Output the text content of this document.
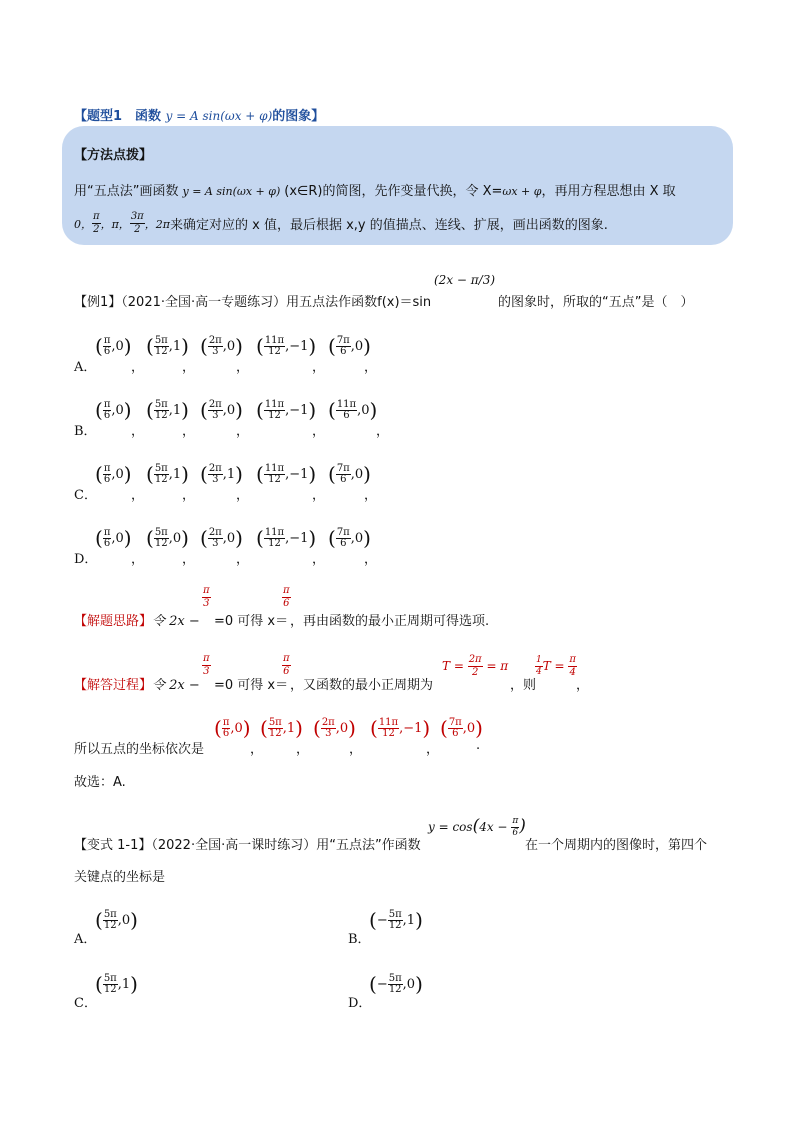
【题型1　函数 y = A sin(ωx + φ)的图象】
【方法点拨】
用“五点法”画函数 y = A sin(ωx + φ) (x∈R)的简图，先作变量代换，令 X=ωx + φ，再用方程思想由 X 取
0， $\frac{\pi}{2}$ ，π， $\frac{3\pi}{2}$ ，2π 来确定对应的 x 值，最后根据 x,y 的值描点、连线、扩展，画出函数的图象.
【例1】（2021·全国·高一专题练习）用五点法作函数f(x)＝sin
(2x − π/3)
的图象时，所取的“五点”是（　）
A．
( $\frac{\pi}{6} ,0$ )
，
( $\frac{5\pi}{12} ,1$ )
，
( $\frac{2\pi}{3} ,0$ )
，
( $\frac{11\pi}{12} ,-1$ )
，
( $\frac{7\pi}{6} ,0$ )
，
B．
( $\frac{\pi}{6} ,0$ )
，
( $\frac{5\pi}{12} ,1$ )
，
( $\frac{2\pi}{3} ,0$ )
，
( $\frac{11\pi}{12} ,-1$ )
，
( $\frac{11\pi}{6} ,0$ )
，
C．
( $\frac{\pi}{6} ,0$ )
，
( $\frac{5\pi}{12} ,1$ )
，
( $\frac{2\pi}{3} ,1$ )
，
( $\frac{11\pi}{12} ,-1$ )
，
( $\frac{7\pi}{6} ,0$ )
，
D．
( $\frac{\pi}{6} ,0$ )
，
( $\frac{5\pi}{12} ,0$ )
，
( $\frac{2\pi}{3} ,0$ )
，
( $\frac{11\pi}{12} ,-1$ )
，
( $\frac{7\pi}{6} ,0$ )
，
【解题思路】令 2x −
$\frac{\pi}{3}$
=0 可得 x＝
$\frac{\pi}{6}$
，再由函数的最小正周期可得选项.
【解答过程】令 2x −
$\frac{\pi}{3}$
=0 可得 x＝
$\frac{\pi}{6}$
，又函数的最小正周期为
$T = \frac{2\pi}{2} = \pi$
，则
$\frac{1}{4}$ $T = \frac{\pi}{4}$
，
所以五点的坐标依次是
( $\frac{\pi}{6} ,0$ )
，
( $\frac{5\pi}{12} ,1$ )
，
( $\frac{2\pi}{3} ,0$ )
，
( $\frac{11\pi}{12} ,-1$ )
，
( $\frac{7\pi}{6} ,0$ )
.
故选：A.
【变式 1-1】（2022·全国·高一课时练习）用“五点法”作函数
$y = \cos(4x - \frac{\pi}{6}$ )
在一个周期内的图像时，第四个
关键点的坐标是
A．
( $\frac{5\pi}{12} ,0$ )
B．
( − $\frac{5\pi}{12} ,1$ )
C．
( $\frac{5\pi}{12} ,1$ )
D．
( − $\frac{5\pi}{12} ,0$ )
